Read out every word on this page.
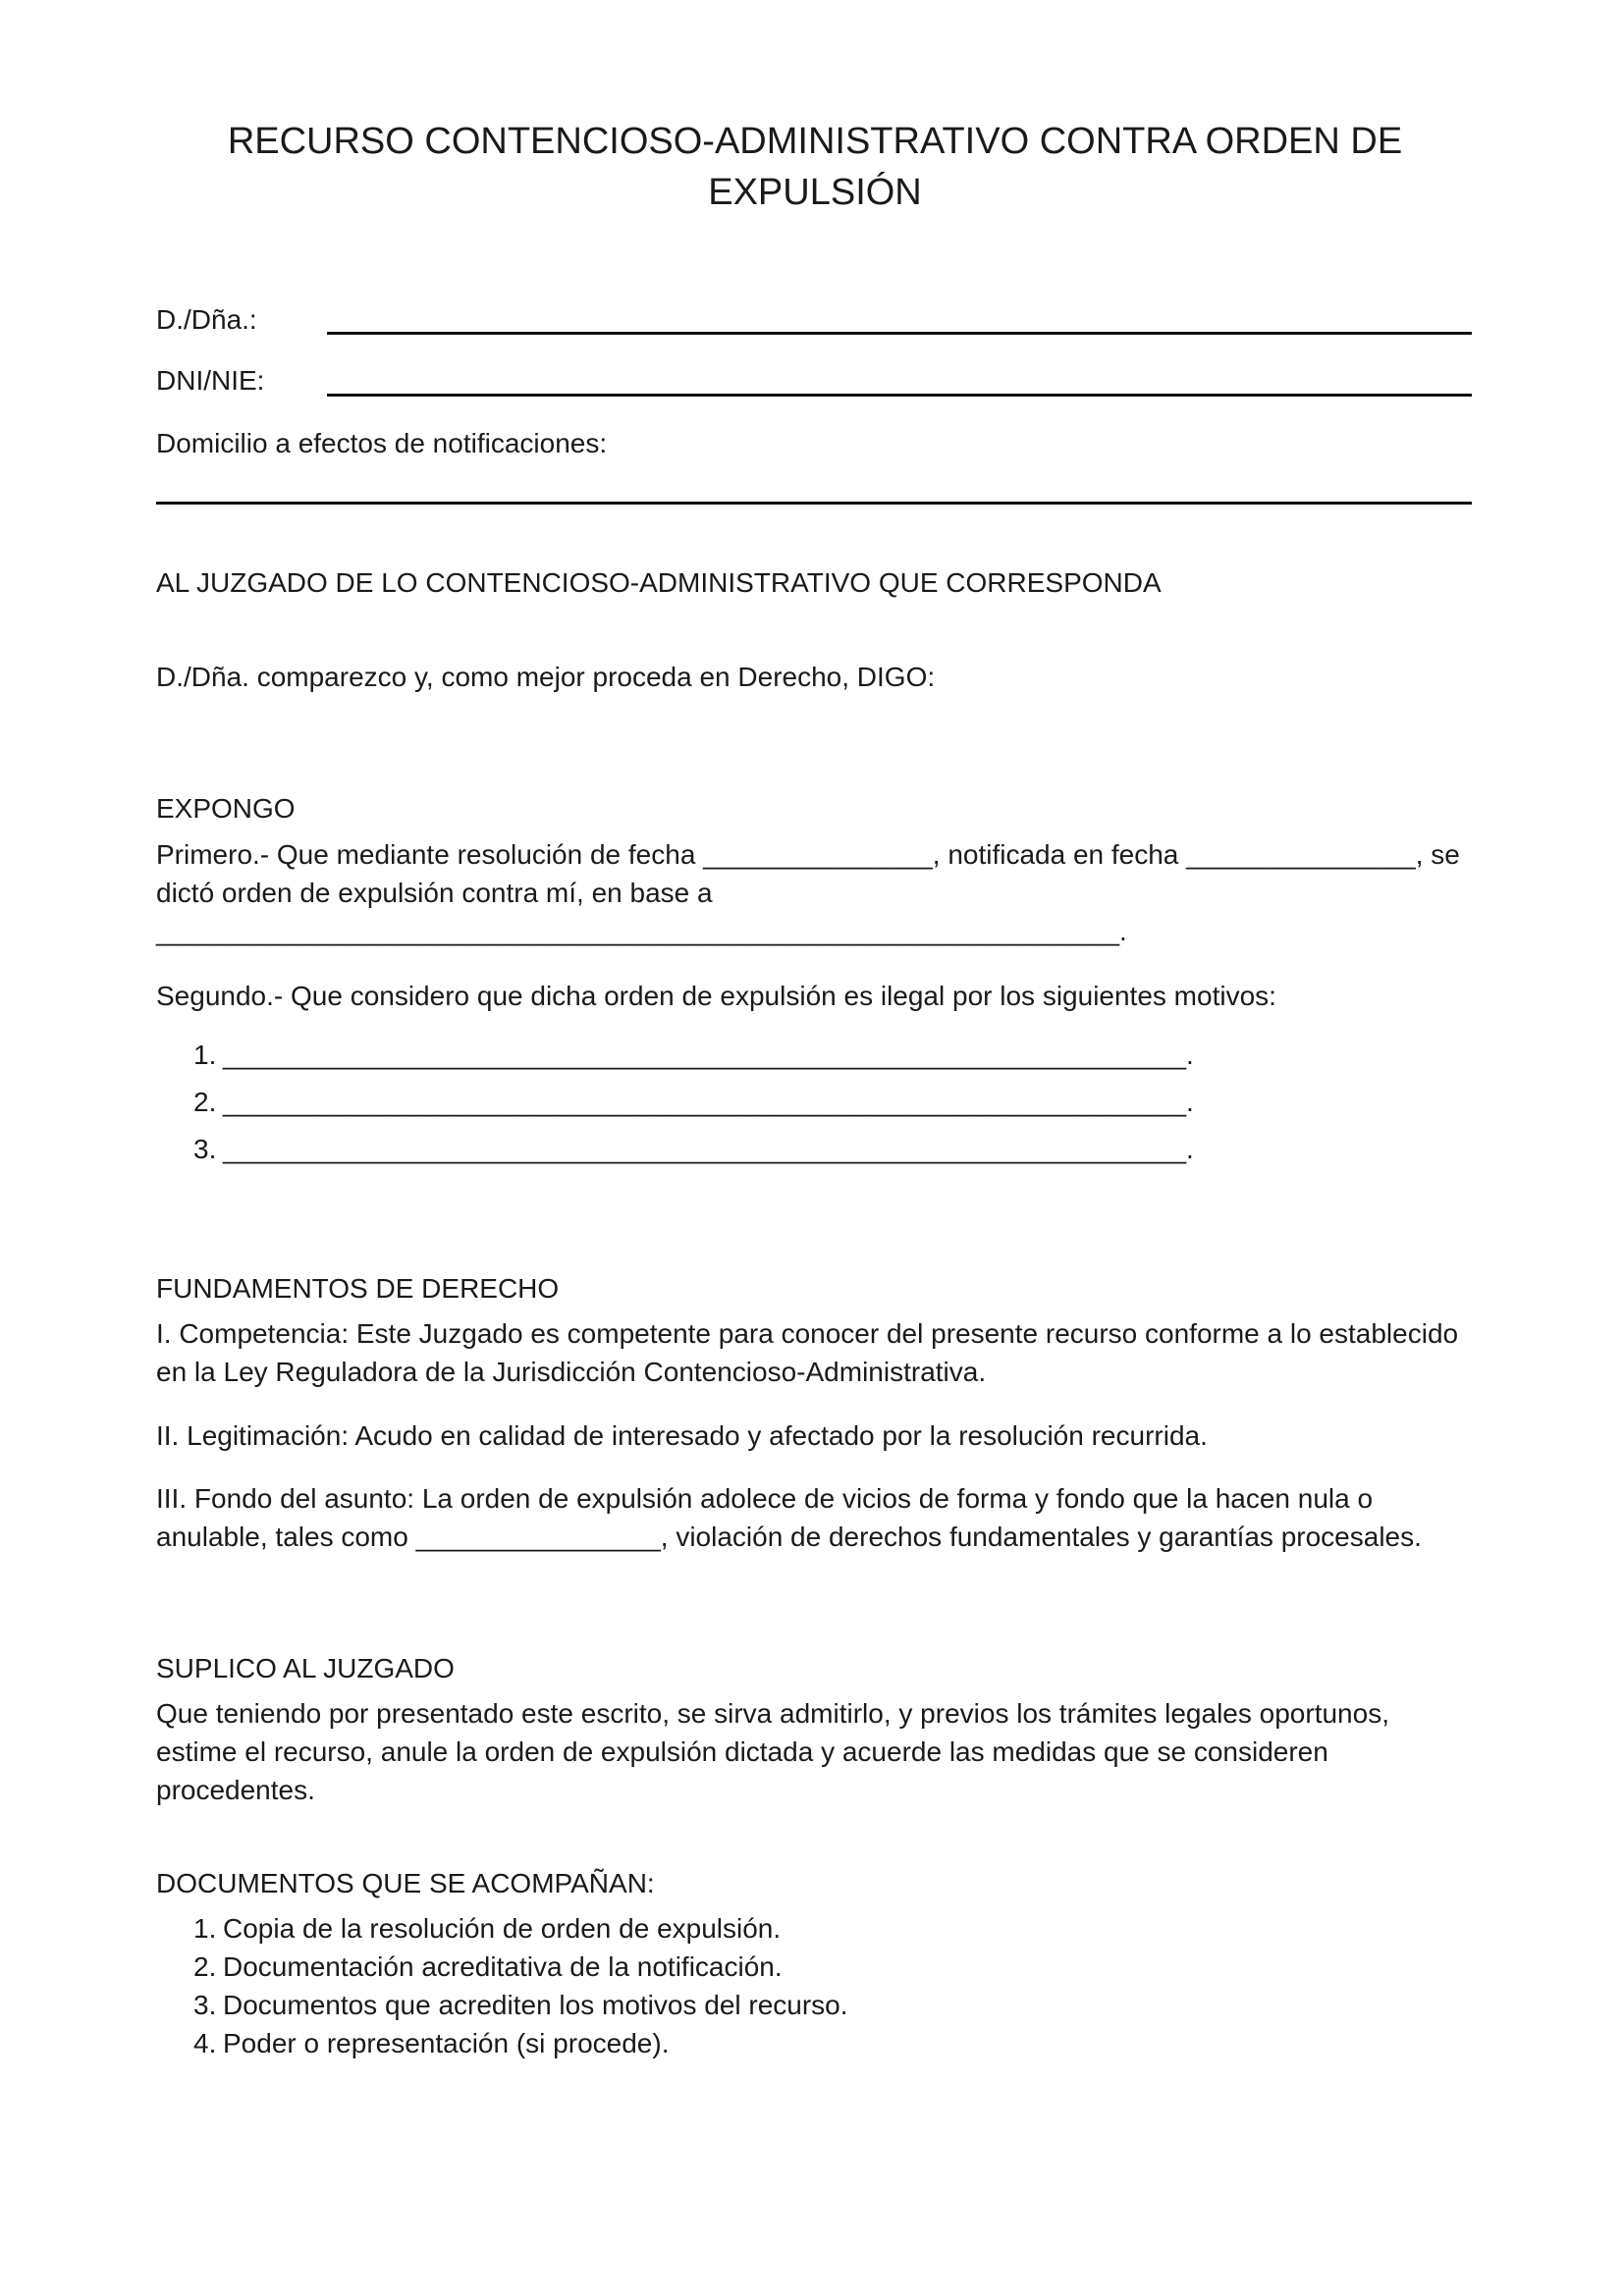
RECURSO CONTENCIOSO-ADMINISTRATIVO CONTRA ORDEN DE EXPULSIÓN

D./Dña.:

DNI/NIE:

Domicilio a efectos de notificaciones:

AL JUZGADO DE LO CONTENCIOSO-ADMINISTRATIVO QUE CORRESPONDA

D./Dña. comparezco y, como mejor proceda en Derecho, DIGO:

EXPONGO

Primero.- Que mediante resolución de fecha _______________, notificada en fecha _______________, se dictó orden de expulsión contra mí, en base a _______________________________________________________________.

Segundo.- Que considero que dicha orden de expulsión es ilegal por los siguientes motivos:

1. _______________________________________________________________.
2. _______________________________________________________________.
3. _______________________________________________________________.

FUNDAMENTOS DE DERECHO

I. Competencia: Este Juzgado es competente para conocer del presente recurso conforme a lo establecido en la Ley Reguladora de la Jurisdicción Contencioso-Administrativa.

II. Legitimación: Acudo en calidad de interesado y afectado por la resolución recurrida.

III. Fondo del asunto: La orden de expulsión adolece de vicios de forma y fondo que la hacen nula o anulable, tales como ________________, violación de derechos fundamentales y garantías procesales.

SUPLICO AL JUZGADO

Que teniendo por presentado este escrito, se sirva admitirlo, y previos los trámites legales oportunos, estime el recurso, anule la orden de expulsión dictada y acuerde las medidas que se consideren procedentes.

DOCUMENTOS QUE SE ACOMPAÑAN:

1. Copia de la resolución de orden de expulsión.
2. Documentación acreditativa de la notificación.
3. Documentos que acrediten los motivos del recurso.
4. Poder o representación (si procede).
